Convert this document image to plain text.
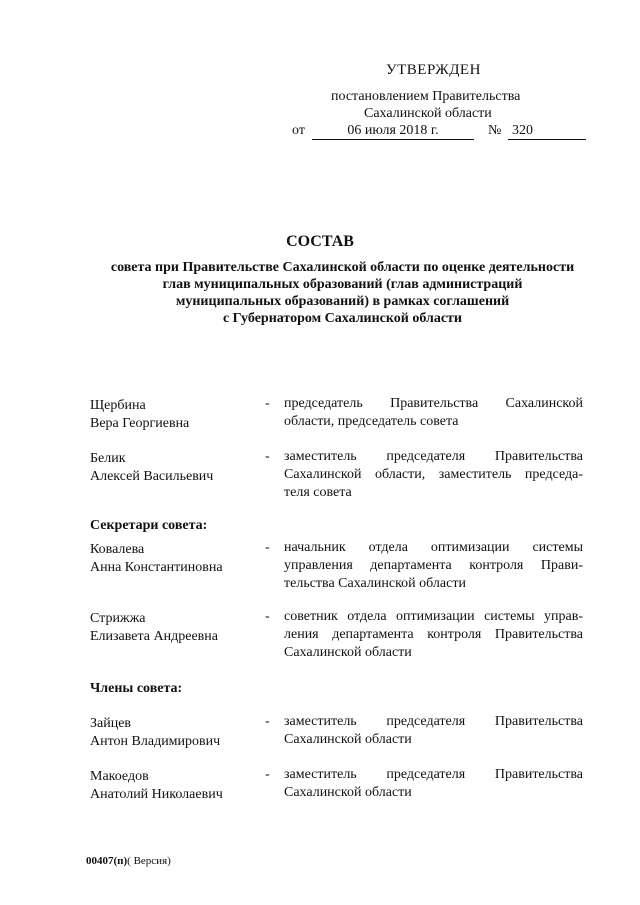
УТВЕРЖДЕН
постановлением Правительства
Сахалинской области
от	06 июля 2018 г.	№ 320
СОСТАВ
совета при Правительстве Сахалинской области по оценке деятельности
глав муниципальных образований (глав администраций
муниципальных образований) в рамках соглашений
с Губернатором Сахалинской области
Щербина
Вера Георгиевна
- председатель Правительства Сахалинской
области, председатель совета
Белик
Алексей Васильевич
- заместитель председателя Правительства
Сахалинской области, заместитель председа-
теля совета
Секретари совета:
Ковалева
Анна Константиновна
- начальник отдела оптимизации системы
управления департамента контроля Прави-
тельства Сахалинской области
Стрижжа
Елизавета Андреевна
- советник отдела оптимизации системы управ-
ления департамента контроля Правительства
Сахалинской области
Члены совета:
Зайцев
Антон Владимирович
- заместитель председателя Правительства
Сахалинской области
Макоедов
Анатолий Николаевич
- заместитель председателя Правительства
Сахалинской области
00407(п)( Версия)
